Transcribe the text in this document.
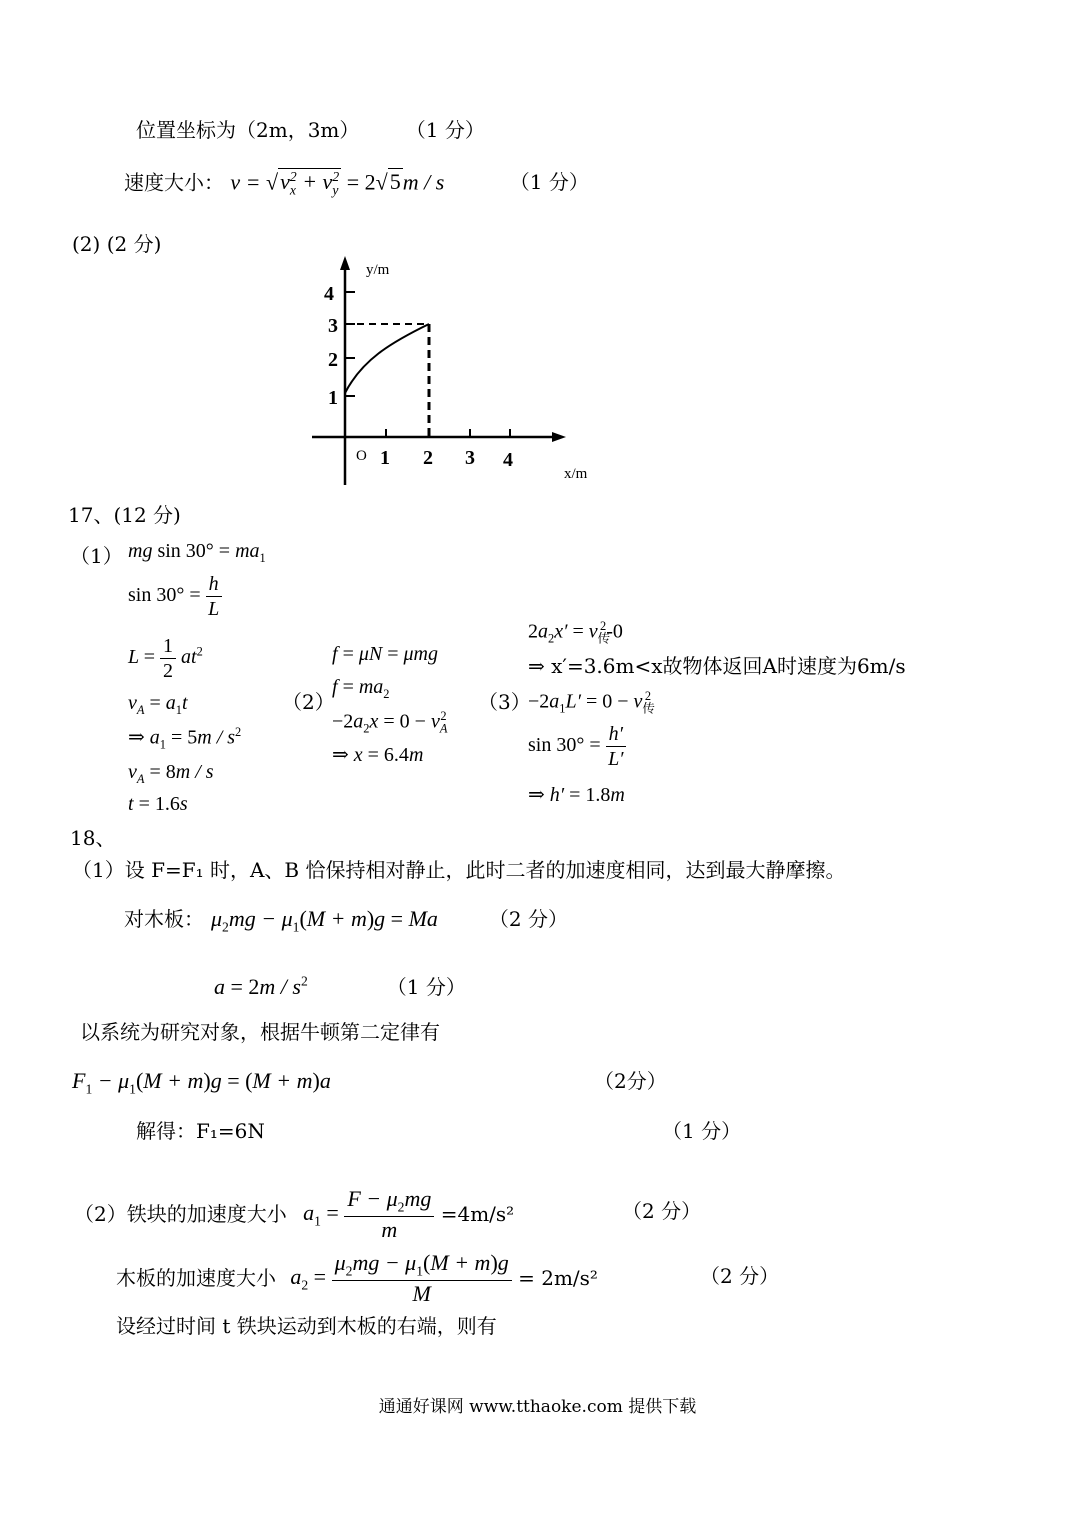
位置坐标为（2m，3m） （1 分）
速度大小： $v = √v_x^2 + v_y^2 = 2√5m / s$	（1 分）
(2) (2 分)
y/m
x/m
O
1
2
3
4
1 2 3 4
17、(12 分)
（1） mg $\sin 30^\circ = ma_1$
$\sin 30^\circ = \frac{h}{L}$
$L = \frac{1}{2} at^2$
$v_A = a_1t$
⇒ $a_1 = 5m / s^2$
$v_A = 8m / s$
t = 1.6s
（2）
f = μN = μmg
$f = ma_2$
$-2a_2x = 0 - v_A^2$
⇒ x = 6.4m
（3）
$2a_2x' = v_传^2-0$
⇒ x′=3.6m<x故物体返回A时速度为6m/s
$-2a_1L' = 0 - v_传^2$
$\sin 30^\circ = \frac{h'}{L'}$
⇒ h′ = 1.8m
18、
（1）设 F=F₁ 时，A、B 恰保持相对静止，此时二者的加速度相同，达到最大静摩擦。
对木板： $\mu_2mg - \mu_1(M + m)g = Ma$	（2 分）
$a = 2m / s^2$	（1 分）
以系统为研究对象，根据牛顿第二定律有
$F_1 - \mu_1(M + m)g = (M + m)a$	（2分）
解得：F₁=6N	（1 分）
（2）铁块的加速度大小 $a_1 = \frac{F - \mu_2mg}{m} =4m/s^2$	（2 分）
木板的加速度大小 $a_2 = \frac{\mu_2mg - \mu_1(M + m)g}{M} = 2m/s^2$	（2 分）
设经过时间 t 铁块运动到木板的右端，则有
通通好课网 www.tthaoke.com 提供下载
